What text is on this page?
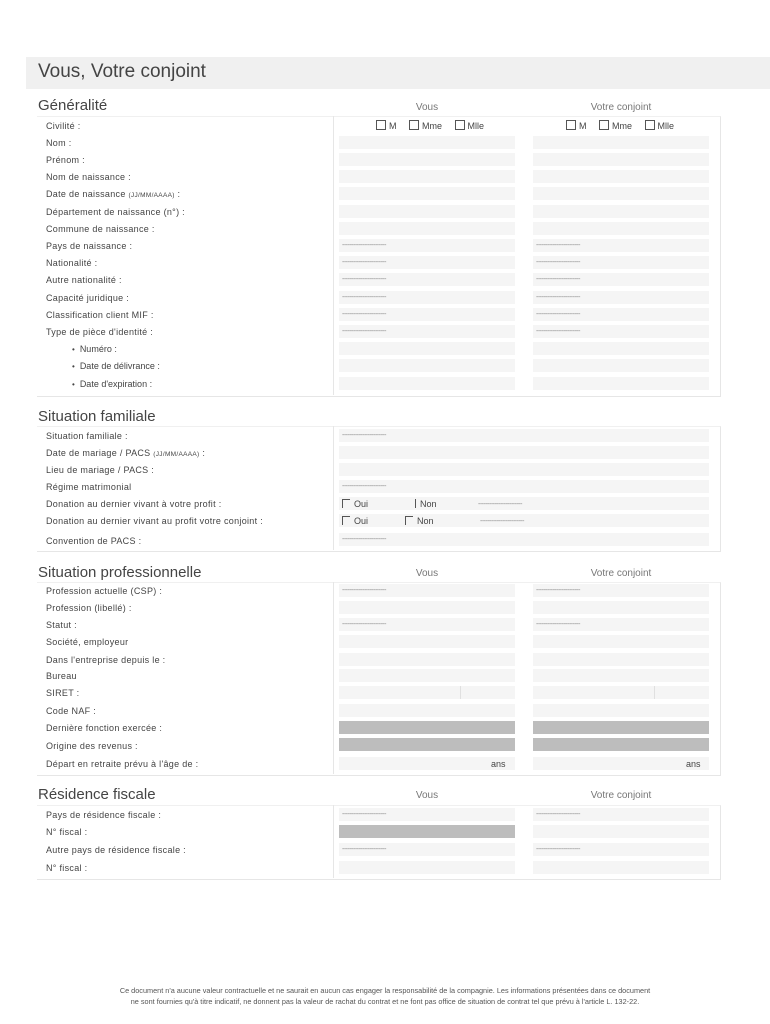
Vous, Votre conjoint
Généralité	Vous	Votre conjoint
Civilité :	M	Mme	Mlle	M	Mme	Mlle
Nom :
Prénom :
Nom de naissance :
Date de naissance (JJ/MM/AAAA) :
Département de naissance (n°) :
Commune de naissance :
Pays de naissance :	------------------------	------------------------
Nationalité :	------------------------	------------------------
Autre nationalité :	------------------------	------------------------
Capacité juridique :	------------------------	------------------------
Classification client MIF :	------------------------	------------------------
Type de pièce d'identité :	------------------------	------------------------
• Numéro :
• Date de délivrance :
• Date d'expiration :
Situation familiale
Situation familiale :	------------------------
Date de mariage / PACS (JJ/MM/AAAA) :
Lieu de mariage / PACS :
Régime matrimonial	------------------------
Donation au dernier vivant à votre profit :	Oui	Non	------------------------
Donation au dernier vivant au profit votre conjoint :	Oui	Non	------------------------
Convention de PACS :	------------------------
Situation professionnelle	Vous	Votre conjoint
Profession actuelle (CSP) :	------------------------	------------------------
Profession (libellé) :
Statut :	------------------------	------------------------
Société, employeur
Dans l'entreprise depuis le :
Bureau
SIRET :
Code NAF :
Dernière fonction exercée :
Origine des revenus :
Départ en retraite prévu à l'âge de :	ans	ans
Résidence fiscale	Vous	Votre conjoint
Pays de résidence fiscale :	------------------------	------------------------
N° fiscal :
Autre pays de résidence fiscale :	------------------------	------------------------
N° fiscal :
Ce document n'a aucune valeur contractuelle et ne saurait en aucun cas engager la responsabilité de la compagnie. Les informations présentées dans ce document
ne sont fournies qu'à titre indicatif, ne donnent pas la valeur de rachat du contrat et ne font pas office de situation de contrat tel que prévu à l'article L. 132-22.
